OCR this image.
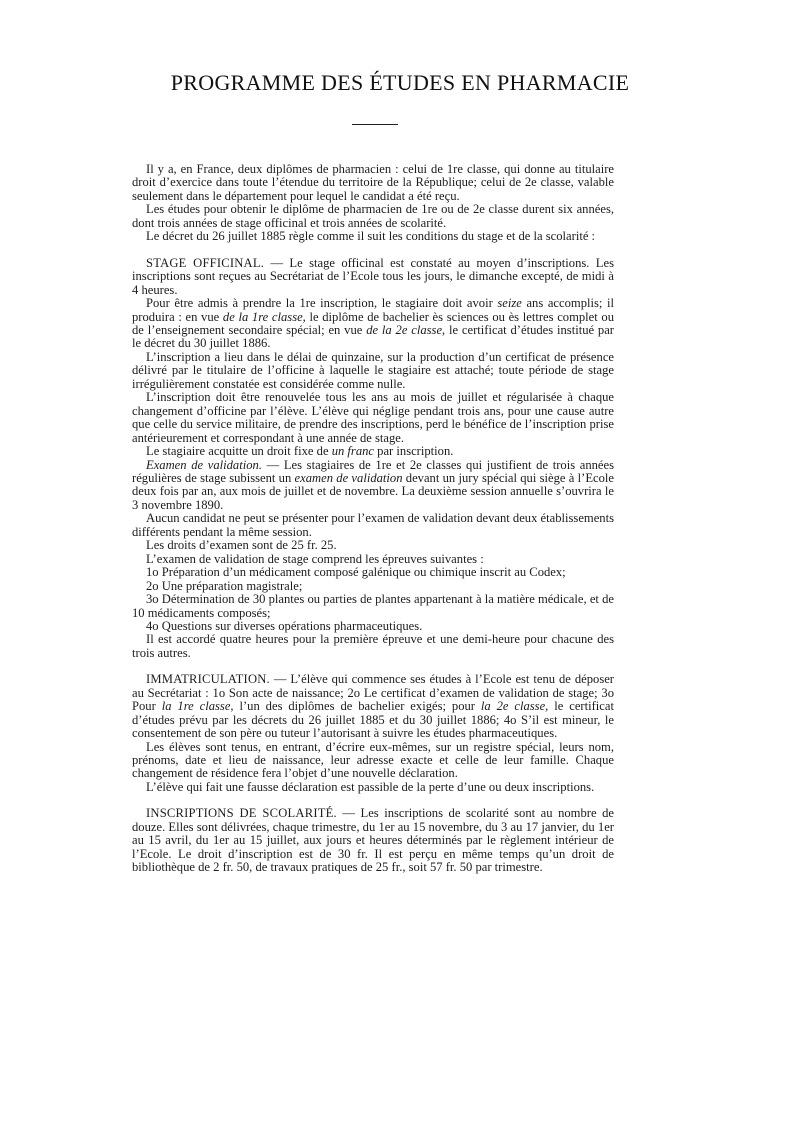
PROGRAMME DES ÉTUDES EN PHARMACIE

Il y a, en France, deux diplômes de pharmacien : celui de 1re classe, qui donne au titulaire droit d’exercice dans toute l’étendue du territoire de la République; celui de 2e classe, valable seulement dans le département pour lequel le candidat a été reçu.

Les études pour obtenir le diplôme de pharmacien de 1re ou de 2e classe durent six années, dont trois années de stage officinal et trois années de scolarité.

Le décret du 26 juillet 1885 règle comme il suit les conditions du stage et de la scolarité :

STAGE OFFICINAL. — Le stage officinal est constaté au moyen d’inscriptions. Les inscriptions sont reçues au Secrétariat de l’Ecole tous les jours, le dimanche excepté, de midi à 4 heures.

Pour être admis à prendre la 1re inscription, le stagiaire doit avoir seize ans accomplis; il produira : en vue de la 1re classe, le diplôme de bachelier ès sciences ou ès lettres complet ou de l’enseignement secondaire spécial; en vue de la 2e classe, le certificat d’études institué par le décret du 30 juillet 1886.

L’inscription a lieu dans le délai de quinzaine, sur la production d’un certificat de présence délivré par le titulaire de l’officine à laquelle le stagiaire est attaché; toute période de stage irrégulièrement constatée est considérée comme nulle.

L’inscription doit être renouvelée tous les ans au mois de juillet et régularisée à chaque changement d’officine par l’élève. L’élève qui néglige pendant trois ans, pour une cause autre que celle du service militaire, de prendre des inscriptions, perd le bénéfice de l’inscription prise antérieurement et correspondant à une année de stage.

Le stagiaire acquitte un droit fixe de un franc par inscription.

Examen de validation. — Les stagiaires de 1re et 2e classes qui justifient de trois années régulières de stage subissent un examen de validation devant un jury spécial qui siège à l’Ecole deux fois par an, aux mois de juillet et de novembre. La deuxième session annuelle s’ouvrira le 3 novembre 1890.

Aucun candidat ne peut se présenter pour l’examen de validation devant deux établissements différents pendant la même session.

Les droits d’examen sont de 25 fr. 25.

L’examen de validation de stage comprend les épreuves suivantes :

1o Préparation d’un médicament composé galénique ou chimique inscrit au Codex;

2o Une préparation magistrale;

3o Détermination de 30 plantes ou parties de plantes appartenant à la matière médicale, et de 10 médicaments composés;

4o Questions sur diverses opérations pharmaceutiques.

Il est accordé quatre heures pour la première épreuve et une demi-heure pour chacune des trois autres.

IMMATRICULATION. — L’élève qui commence ses études à l’Ecole est tenu de déposer au Secrétariat : 1o Son acte de naissance; 2o Le certificat d’examen de validation de stage; 3o Pour la 1re classe, l’un des diplômes de bachelier exigés; pour la 2e classe, le certificat d’études prévu par les décrets du 26 juillet 1885 et du 30 juillet 1886; 4o S’il est mineur, le consentement de son père ou tuteur l’autorisant à suivre les études pharmaceutiques.

Les élèves sont tenus, en entrant, d’écrire eux-mêmes, sur un registre spécial, leurs nom, prénoms, date et lieu de naissance, leur adresse exacte et celle de leur famille. Chaque changement de résidence fera l’objet d’une nouvelle déclaration.

L’élève qui fait une fausse déclaration est passible de la perte d’une ou deux inscriptions.

INSCRIPTIONS DE SCOLARITÉ. — Les inscriptions de scolarité sont au nombre de douze. Elles sont délivrées, chaque trimestre, du 1er au 15 novembre, du 3 au 17 janvier, du 1er au 15 avril, du 1er au 15 juillet, aux jours et heures déterminés par le règlement intérieur de l’Ecole. Le droit d’inscription est de 30 fr. Il est perçu en même temps qu’un droit de bibliothèque de 2 fr. 50, de travaux pratiques de 25 fr., soit 57 fr. 50 par trimestre.
